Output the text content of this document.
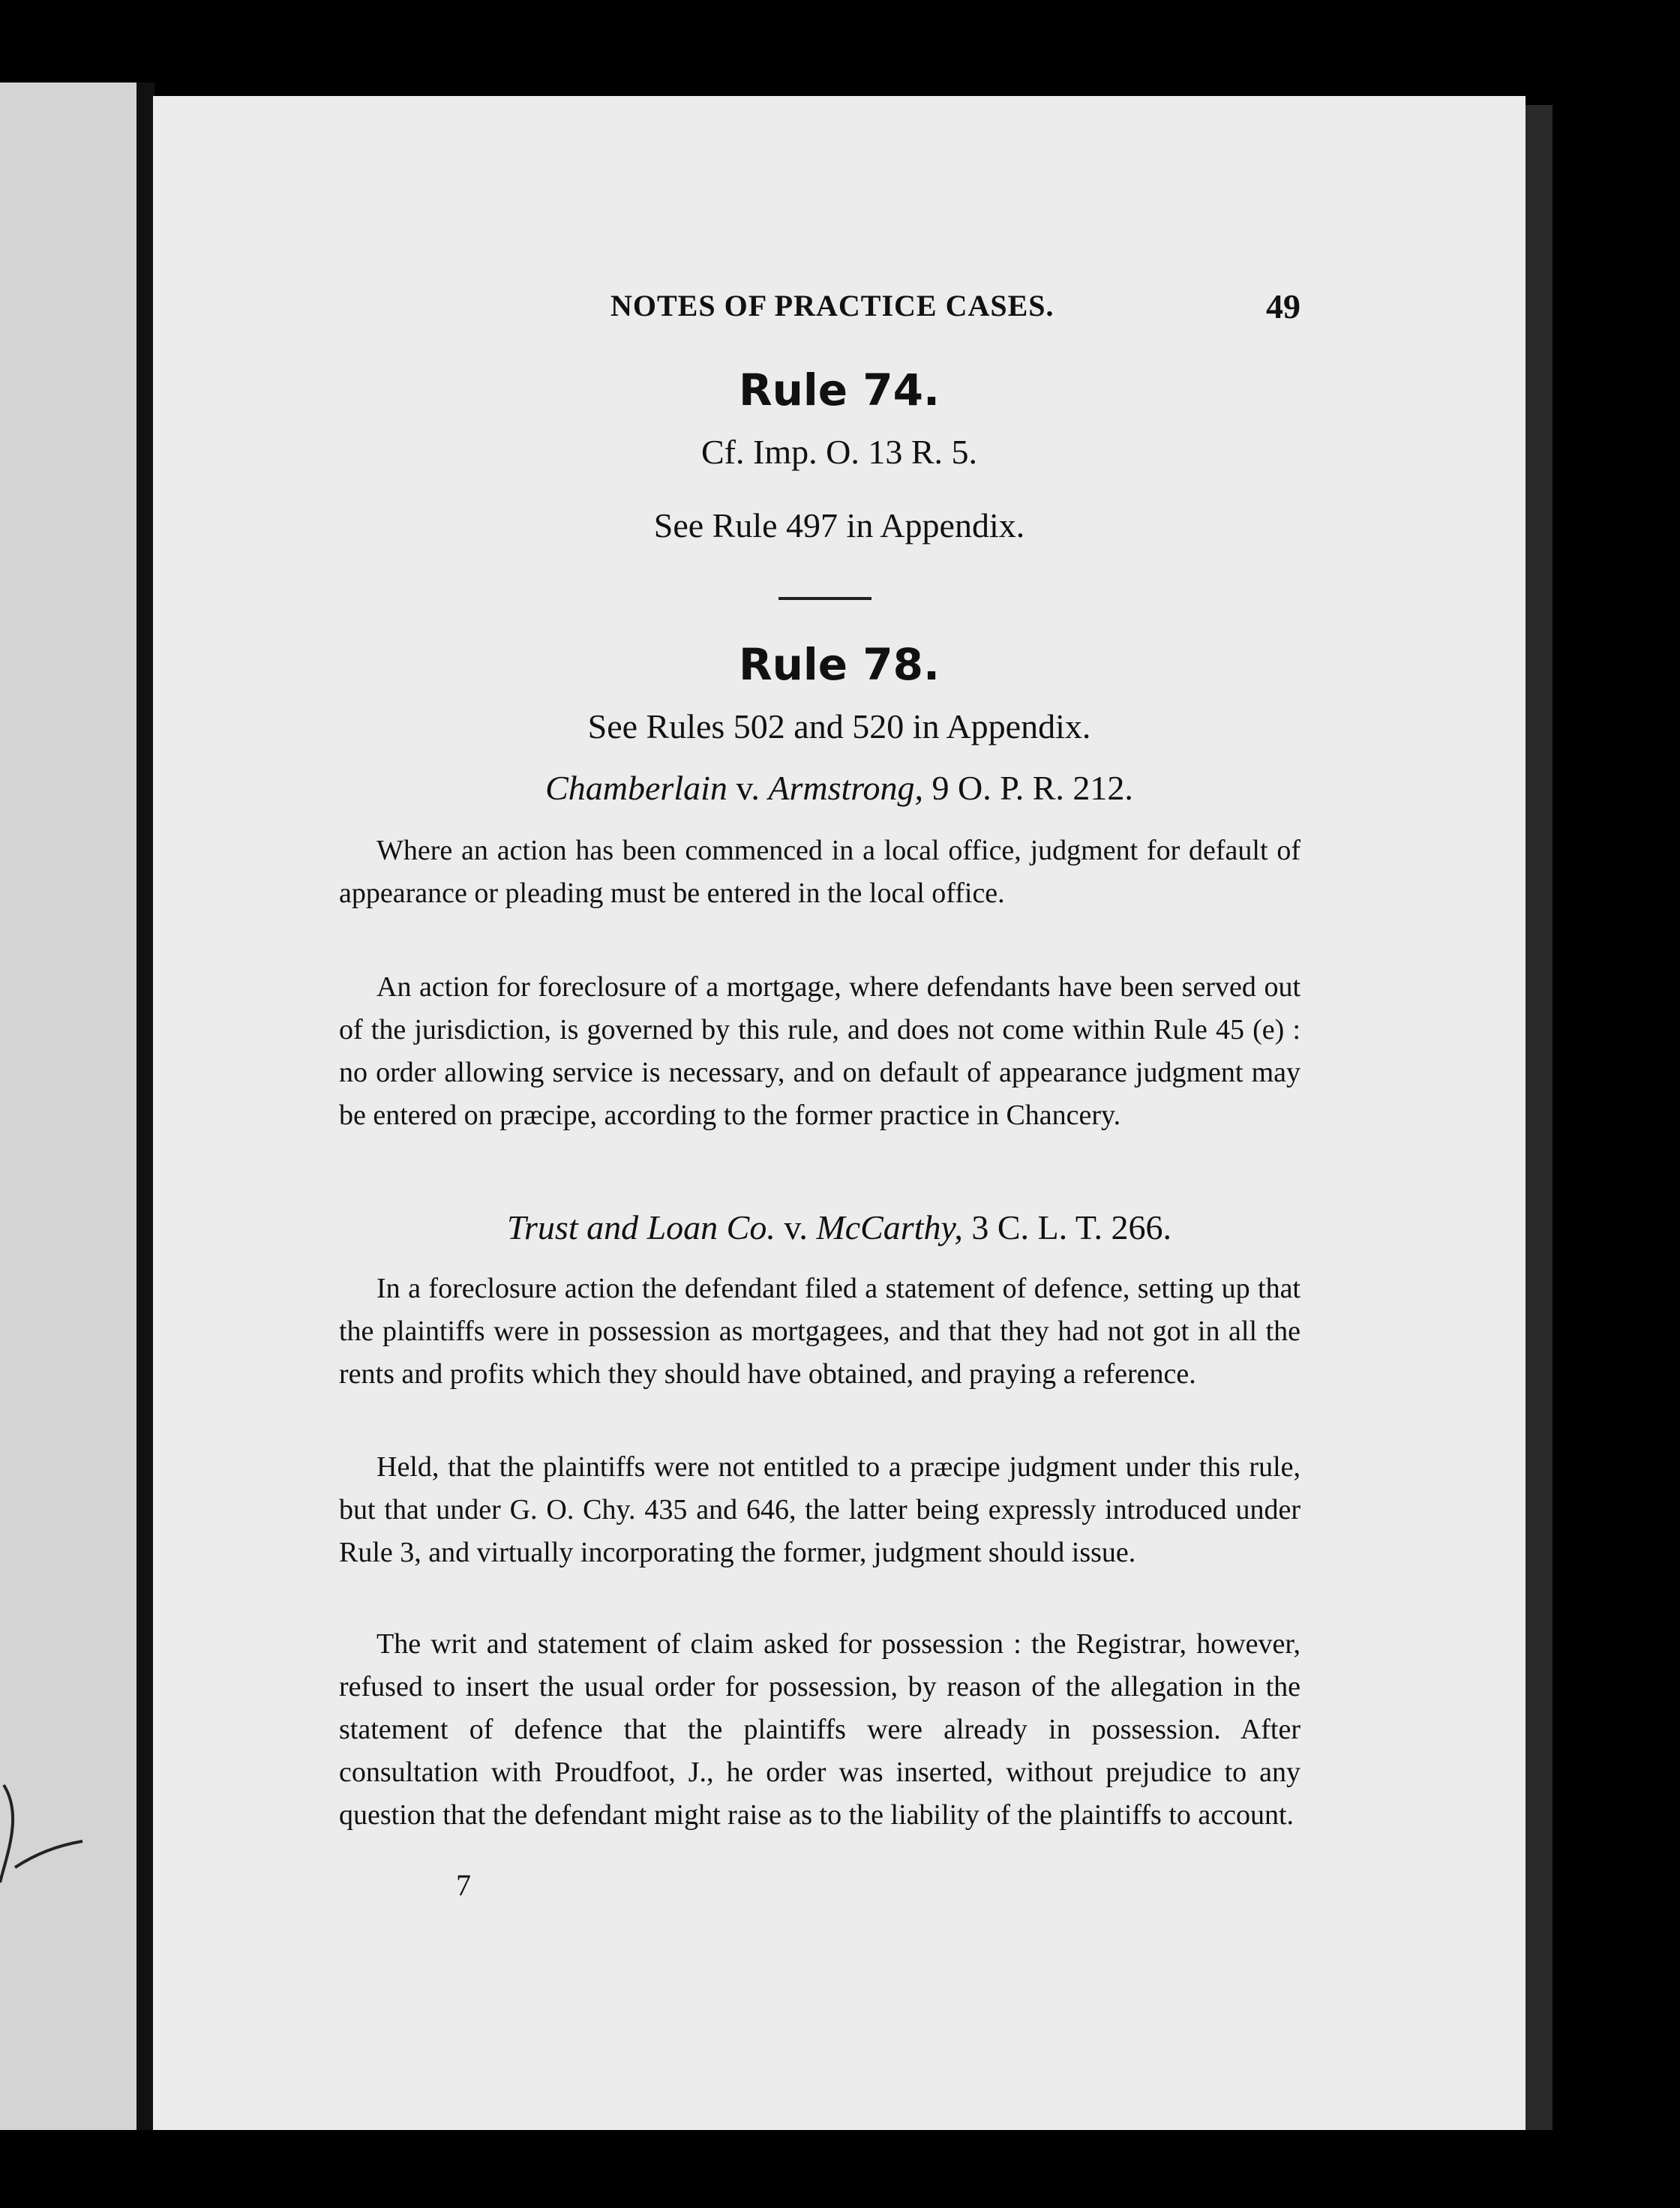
NOTES OF PRACTICE CASES.	49
Rule 74.
Cf. Imp. O. 13 R. 5.
See Rule 497 in Appendix.
Rule 78.
See Rules 502 and 520 in Appendix.
Chamberlain v. Armstrong, 9 O. P. R. 212.
Where an action has been commenced in a local office, judgment for default of appearance or pleading must be entered in the local office.
An action for foreclosure of a mortgage, where defendants have been served out of the jurisdiction, is governed by this rule, and does not come within Rule 45 (e) : no order allowing service is necessary, and on default of appearance judgment may be entered on præcipe, according to the former practice in Chancery.
Trust and Loan Co. v. McCarthy, 3 C. L. T. 266.
In a foreclosure action the defendant filed a statement of defence, setting up that the plaintiffs were in possession as mortgagees, and that they had not got in all the rents and profits which they should have obtained, and praying a reference.
Held, that the plaintiffs were not entitled to a præcipe judgment under this rule, but that under G. O. Chy. 435 and 646, the latter being expressly introduced under Rule 3, and virtually incorporating the former, judgment should issue.
The writ and statement of claim asked for possession : the Registrar, however, refused to insert the usual order for possession, by reason of the allegation in the statement of defence that the plaintiffs were already in possession. After consultation with Proudfoot, J., he order was inserted, without prejudice to any question that the defendant might raise as to the liability of the plaintiffs to account.
7
